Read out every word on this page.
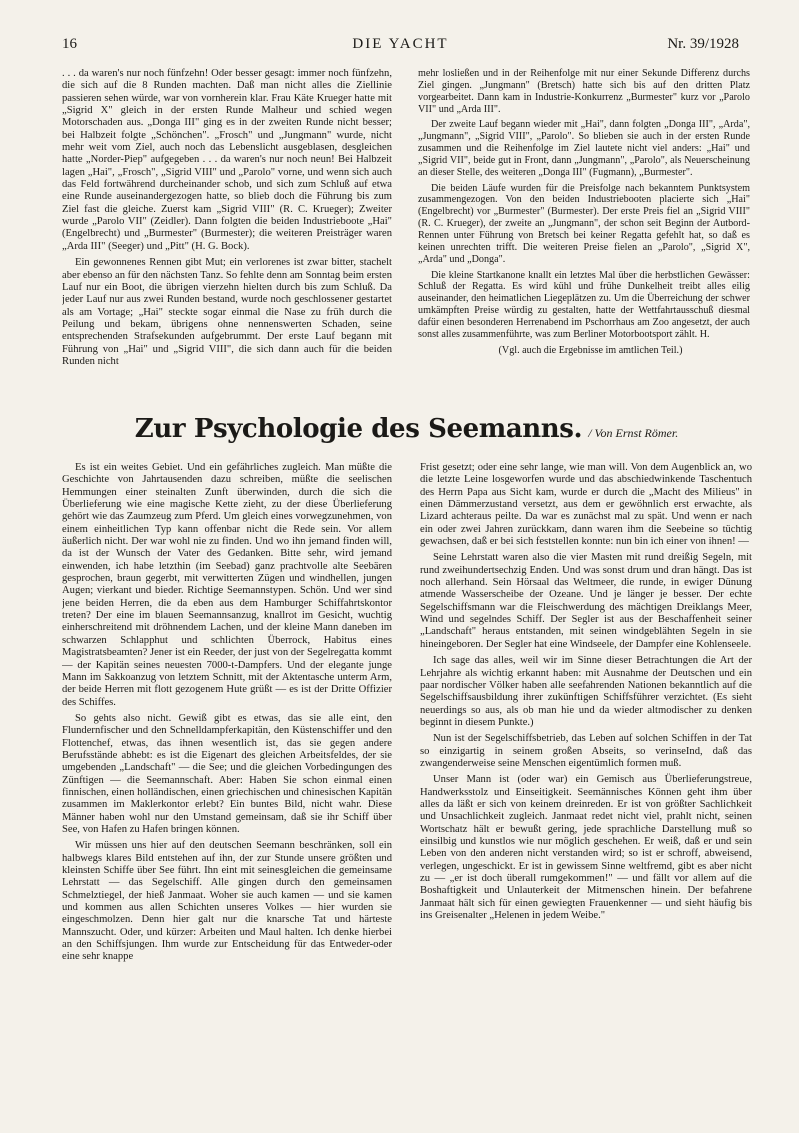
16	DIE YACHT	Nr. 39/1928

. . . da waren's nur noch fünfzehn! Oder besser gesagt: immer noch fünfzehn, die sich auf die 8 Runden machten. Daß man nicht alles die Ziellinie passieren sehen würde, war von vornherein klar. Frau Käte Krueger hatte mit „Sigrid X" gleich in der ersten Runde Malheur und schied wegen Motorschaden aus. „Donga III" ging es in der zweiten Runde nicht besser; bei Halbzeit folgte „Schönchen". „Frosch" und „Jungmann" wurde, nicht mehr weit vom Ziel, auch noch das Lebenslicht ausgeblasen, desgleichen hatte „Norder-Piep" aufgegeben . . . da waren's nur noch neun! Bei Halbzeit lagen „Hai", „Frosch", „Sigrid VIII" und „Parolo" vorne, und wenn sich auch das Feld fortwährend durcheinander schob, und sich zum Schluß auf etwa eine Runde auseinandergezogen hatte, so blieb doch die Führung bis zum Ziel fast die gleiche. Zuerst kam „Sigrid VIII" (R. C. Krueger); Zweiter wurde „Parolo VII" (Zeidler). Dann folgten die beiden Industrieboote „Hai" (Engelbrecht) und „Burmester" (Burmester); die weiteren Preisträger waren „Arda III" (Seeger) und „Pitt" (H. G. Bock).

Ein gewonnenes Rennen gibt Mut; ein verlorenes ist zwar bitter, stachelt aber ebenso an für den nächsten Tanz. So fehlte denn am Sonntag beim ersten Lauf nur ein Boot, die übrigen vierzehn hielten durch bis zum Schluß. Da jeder Lauf nur aus zwei Runden bestand, wurde noch geschlossener gestartet als am Vortage; „Hai" steckte sogar einmal die Nase zu früh durch die Peilung und bekam, übrigens ohne nennenswerten Schaden, seine entsprechenden Strafsekunden aufgebrummt. Der erste Lauf begann mit Führung von „Hai" und „Sigrid VIII", die sich dann auch für die beiden Runden nicht

mehr losließen und in der Reihenfolge mit nur einer Sekunde Differenz durchs Ziel gingen. „Jungmann" (Bretsch) hatte sich bis auf den dritten Platz vorgearbeitet. Dann kam in Industrie-Konkurrenz „Burmester" kurz vor „Parolo VII" und „Arda III".

Der zweite Lauf begann wieder mit „Hai", dann folgten „Donga III", „Arda", „Jungmann", „Sigrid VIII", „Parolo". So blieben sie auch in der ersten Runde zusammen und die Reihenfolge im Ziel lautete nicht viel anders: „Hai" und „Sigrid VII", beide gut in Front, dann „Jungmann", „Parolo", als Neuerscheinung an dieser Stelle, des weiteren „Donga III" (Fugmann), „Burmester".

Die beiden Läufe wurden für die Preisfolge nach bekanntem Punktsystem zusammengezogen. Von den beiden Industriebooten placierte sich „Hai" (Engelbrecht) vor „Burmester" (Burmester). Der erste Preis fiel an „Sigrid VIII" (R. C. Krueger), der zweite an „Jungmann", der schon seit Beginn der Autbord-Rennen unter Führung von Bretsch bei keiner Regatta gefehlt hat, so daß es keinen unrechten trifft. Die weiteren Preise fielen an „Parolo", „Sigrid X", „Arda" und „Donga".

Die kleine Startkanone knallt ein letztes Mal über die herbstlichen Gewässer: Schluß der Regatta. Es wird kühl und frühe Dunkelheit treibt alles eilig auseinander, den heimatlichen Liegeplätzen zu. Um die Überreichung der schwer umkämpften Preise würdig zu gestalten, hatte der Wettfahrtausschuß diesmal dafür einen besonderen Herrenabend im Pschorrhaus am Zoo angesetzt, der auch sonst alles zusammenführte, was zum Berliner Motorbootsport zählt. H.

(Vgl. auch die Ergebnisse im amtlichen Teil.)

Zur Psychologie des Seemanns. / Von Ernst Römer.

Es ist ein weites Gebiet. Und ein gefährliches zugleich. Man müßte die Geschichte von Jahrtausenden dazu schreiben, müßte die seelischen Hemmungen einer steinalten Zunft überwinden, durch die sich die Überlieferung wie eine magische Kette zieht, zu der diese Überlieferung gehört wie das Zaumzeug zum Pferd. Um gleich eines vorwegzunehmen, von einem einheitlichen Typ kann offenbar nicht die Rede sein. Vor allem äußerlich nicht. Der war wohl nie zu finden. Und wo ihn jemand finden will, da ist der Wunsch der Vater des Gedanken. Bitte sehr, wird jemand einwenden, ich habe letzthin (im Seebad) ganz prachtvolle alte Seebären gesprochen, braun gegerbt, mit verwitterten Zügen und windhellen, jungen Augen; vierkant und bieder. Richtige Seemannstypen. Schön. Und wer sind jene beiden Herren, die da eben aus dem Hamburger Schiffahrtskontor treten? Der eine im blauen Seemannsanzug, knallrot im Gesicht, wuchtig einherschreitend mit dröhnendem Lachen, und der kleine Mann daneben im schwarzen Schlapphut und schlichten Überrock, Habitus eines Magistratsbeamten? Jener ist ein Reeder, der just von der Segelregatta kommt — der Kapitän seines neuesten 7000-t-Dampfers. Und der elegante junge Mann im Sakkoanzug von letztem Schnitt, mit der Aktentasche unterm Arm, der beide Herren mit flott gezogenem Hute grüßt — es ist der Dritte Offizier des Schiffes.

So gehts also nicht. Gewiß gibt es etwas, das sie alle eint, den Flundernfischer und den Schnelldampferkapitän, den Küstenschiffer und den Flottenchef, etwas, das ihnen wesentlich ist, das sie gegen andere Berufsstände abhebt: es ist die Eigenart des gleichen Arbeitsfeldes, der sie umgebenden „Landschaft" — die See; und die gleichen Vorbedingungen des Zünftigen — die Seemannschaft. Aber: Haben Sie schon einmal einen finnischen, einen holländischen, einen griechischen und chinesischen Kapitän zusammen im Maklerkontor erlebt? Ein buntes Bild, nicht wahr. Diese Männer haben wohl nur den Umstand gemeinsam, daß sie ihr Schiff über See, von Hafen zu Hafen bringen können.

Wir müssen uns hier auf den deutschen Seemann beschränken, soll ein halbwegs klares Bild entstehen auf ihn, der zur Stunde unsere größten und kleinsten Schiffe über See führt. Ihn eint mit seinesgleichen die gemeinsame Lehrstatt — das Segelschiff. Alle gingen durch den gemeinsamen Schmelztiegel, der hieß Janmaat. Woher sie auch kamen — und sie kamen und kommen aus allen Schichten unseres Volkes — hier wurden sie eingeschmolzen. Denn hier galt nur die knarsche Tat und härteste Mannszucht. Oder, und kürzer: Arbeiten und Maul halten. Ich denke hierbei an den Schiffsjungen. Ihm wurde zur Entscheidung für das Entweder-oder eine sehr knappe

Frist gesetzt; oder eine sehr lange, wie man will. Von dem Augenblick an, wo die letzte Leine losgeworfen wurde und das abschiedwinkende Taschentuch des Herrn Papa aus Sicht kam, wurde er durch die „Macht des Milieus" in einen Dämmerzustand versetzt, aus dem er gewöhnlich erst erwachte, als Lizard achteraus peilte. Da war es zunächst mal zu spät. Und wenn er nach ein oder zwei Jahren zurückkam, dann waren ihm die Seebeine so tüchtig gewachsen, daß er bei sich feststellen konnte: nun bin ich einer von ihnen! —

Seine Lehrstatt waren also die vier Masten mit rund dreißig Segeln, mit rund zweihundertsechzig Enden. Und was sonst drum und dran hängt. Das ist noch allerhand. Sein Hörsaal das Weltmeer, die runde, in ewiger Dünung atmende Wasserscheibe der Ozeane. Und je länger je besser. Der echte Segelschiffsmann war die Fleischwerdung des mächtigen Dreiklangs Meer, Wind und segelndes Schiff. Der Segler ist aus der Beschaffenheit seiner „Landschaft" heraus entstanden, mit seinen windgeblähten Segeln in sie hineingeboren. Der Segler hat eine Windseele, der Dampfer eine Kohlenseele.

Ich sage das alles, weil wir im Sinne dieser Betrachtungen die Art der Lehrjahre als wichtig erkannt haben: mit Ausnahme der Deutschen und ein paar nordischer Völker haben alle seefahrenden Nationen bekanntlich auf die Segelschiffsausbildung ihrer zukünftigen Schiffsführer verzichtet. (Es sieht neuerdings so aus, als ob man hie und da wieder altmodischer zu denken beginnt in diesem Punkte.)

Nun ist der Segelschiffsbetrieb, das Leben auf solchen Schiffen in der Tat so einzigartig in seinem großen Abseits, so verinseInd, daß das zwangenderweise seine Menschen eigentümlich formen muß.

Unser Mann ist (oder war) ein Gemisch aus Überlieferungstreue, Handwerksstolz und Einseitigkeit. Seemännisches Können geht ihm über alles da läßt er sich von keinem dreinreden. Er ist von größter Sachlichkeit und Unsachlichkeit zugleich. Janmaat redet nicht viel, prahlt nicht, seinen Wortschatz hält er bewußt gering, jede sprachliche Darstellung muß so einsilbig und kunstlos wie nur möglich geschehen. Er weiß, daß er und sein Leben von den anderen nicht verstanden wird; so ist er schroff, abweisend, verlegen, ungeschickt. Er ist in gewissem Sinne weltfremd, gibt es aber nicht zu — „er ist doch überall rumgekommen!" — und fällt vor allem auf die Boshaftigkeit und Unlauterkeit der Mitmenschen hinein. Der befahrene Janmaat hält sich für einen gewiegten Frauenkenner — und sieht häufig bis ins Greisenalter „Helenen in jedem Weibe."
